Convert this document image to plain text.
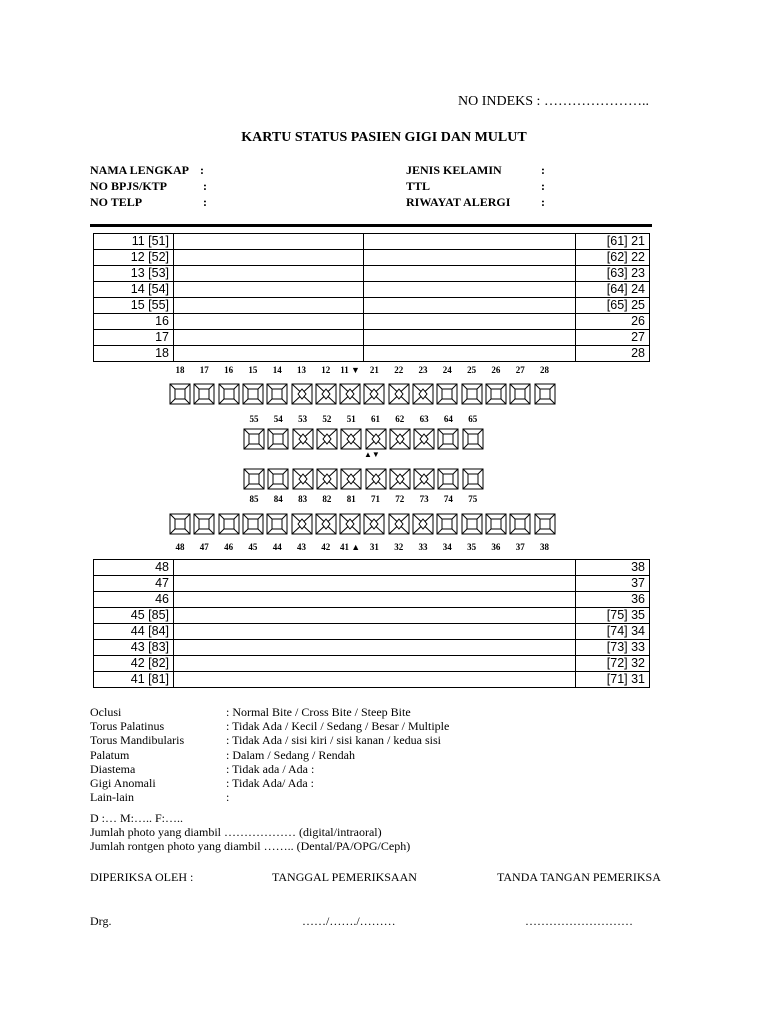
NO INDEKS : …………………..
KARTU STATUS PASIEN GIGI DAN MULUT
NAMA LENGKAP :
NO BPJS/KTP	:
NO TELP	:
JENIS KELAMIN	:
TTL	:
RIWAYAT ALERGI	:
11 [51]			[61] 21
12 [52]			[62] 22
13 [53]			[63] 23
14 [54]			[64] 24
15 [55]			[65] 25
16			26
17			27
18			28
18	17	16	15	14	13	12	11 ▼	21	22	23	24	25	26	27	28
55	54	53	52	51	61	62	63	64	65
85	84	83	82	81	71	72	73	74	75
48	47	46	45	44	43	42	41 ▲	31	32	33	34	35	36	37	38
▲▼
48		38
47		37
46		36
45 [85]		[75] 35
44 [84]		[74] 34
43 [83]		[73] 33
42 [82]		[72] 32
41 [81]		[71] 31
Oclusi	: Normal Bite / Cross Bite / Steep Bite
Torus Palatinus	: Tidak Ada / Kecil / Sedang / Besar / Multiple
Torus Mandibularis	: Tidak Ada / sisi kiri / sisi kanan / kedua sisi
Palatum	: Dalam / Sedang / Rendah
Diastema	: Tidak ada / Ada :
Gigi Anomali	: Tidak Ada/ Ada :
Lain-lain	:
D :… M:….. F:…..
Jumlah photo yang diambil ……………… (digital/intraoral)
Jumlah rontgen photo yang diambil …….. (Dental/PA/OPG/Ceph)
DIPERIKSA OLEH :	TANGGAL PEMERIKSAAN	TANDA TANGAN PEMERIKSA
Drg.	……/……./………	………………………
